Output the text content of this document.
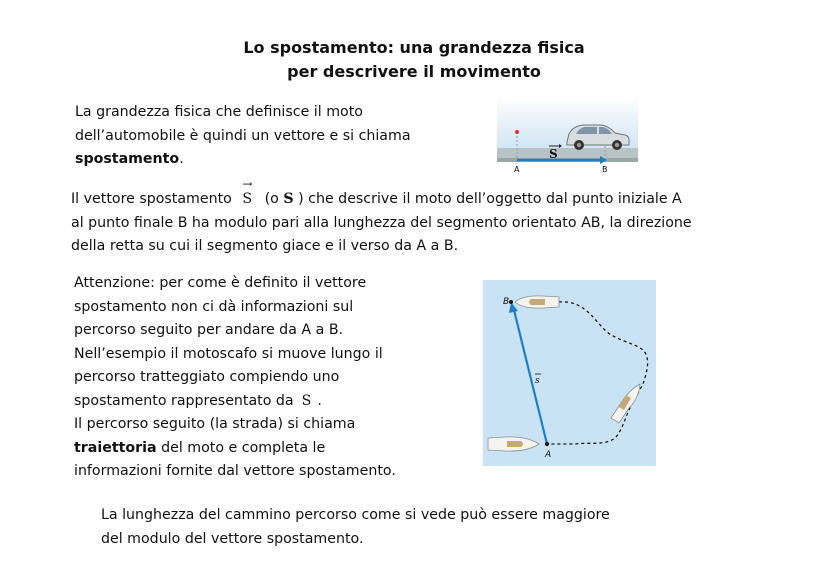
Lo spostamento: una grandezza fisica
per descrivere il movimento
La grandezza fisica che definisce il moto
dell’automobile è quindi un vettore e si chiama
spostamento.	S
A	B
Il vettore spostamento
→
S (o S ) che descrive il moto dell’oggetto dal punto iniziale A
al punto finale B ha modulo pari alla lunghezza del segmento orientato AB, la direzione
della retta su cui il segmento giace e il verso da A a B.
Attenzione: per come è definito il vettore
spostamento non ci dà informazioni sul
percorso seguito per andare da A a B.
Nell’esempio il motoscafo si muove lungo il
percorso tratteggiato compiendo uno
spostamento rappresentato da S .
Il percorso seguito (la strada) si chiama
traiettoria del moto e completa le
informazioni fornite dal vettore spostamento.
B
A
s
La lunghezza del cammino percorso come si vede può essere maggiore
del modulo del vettore spostamento.
